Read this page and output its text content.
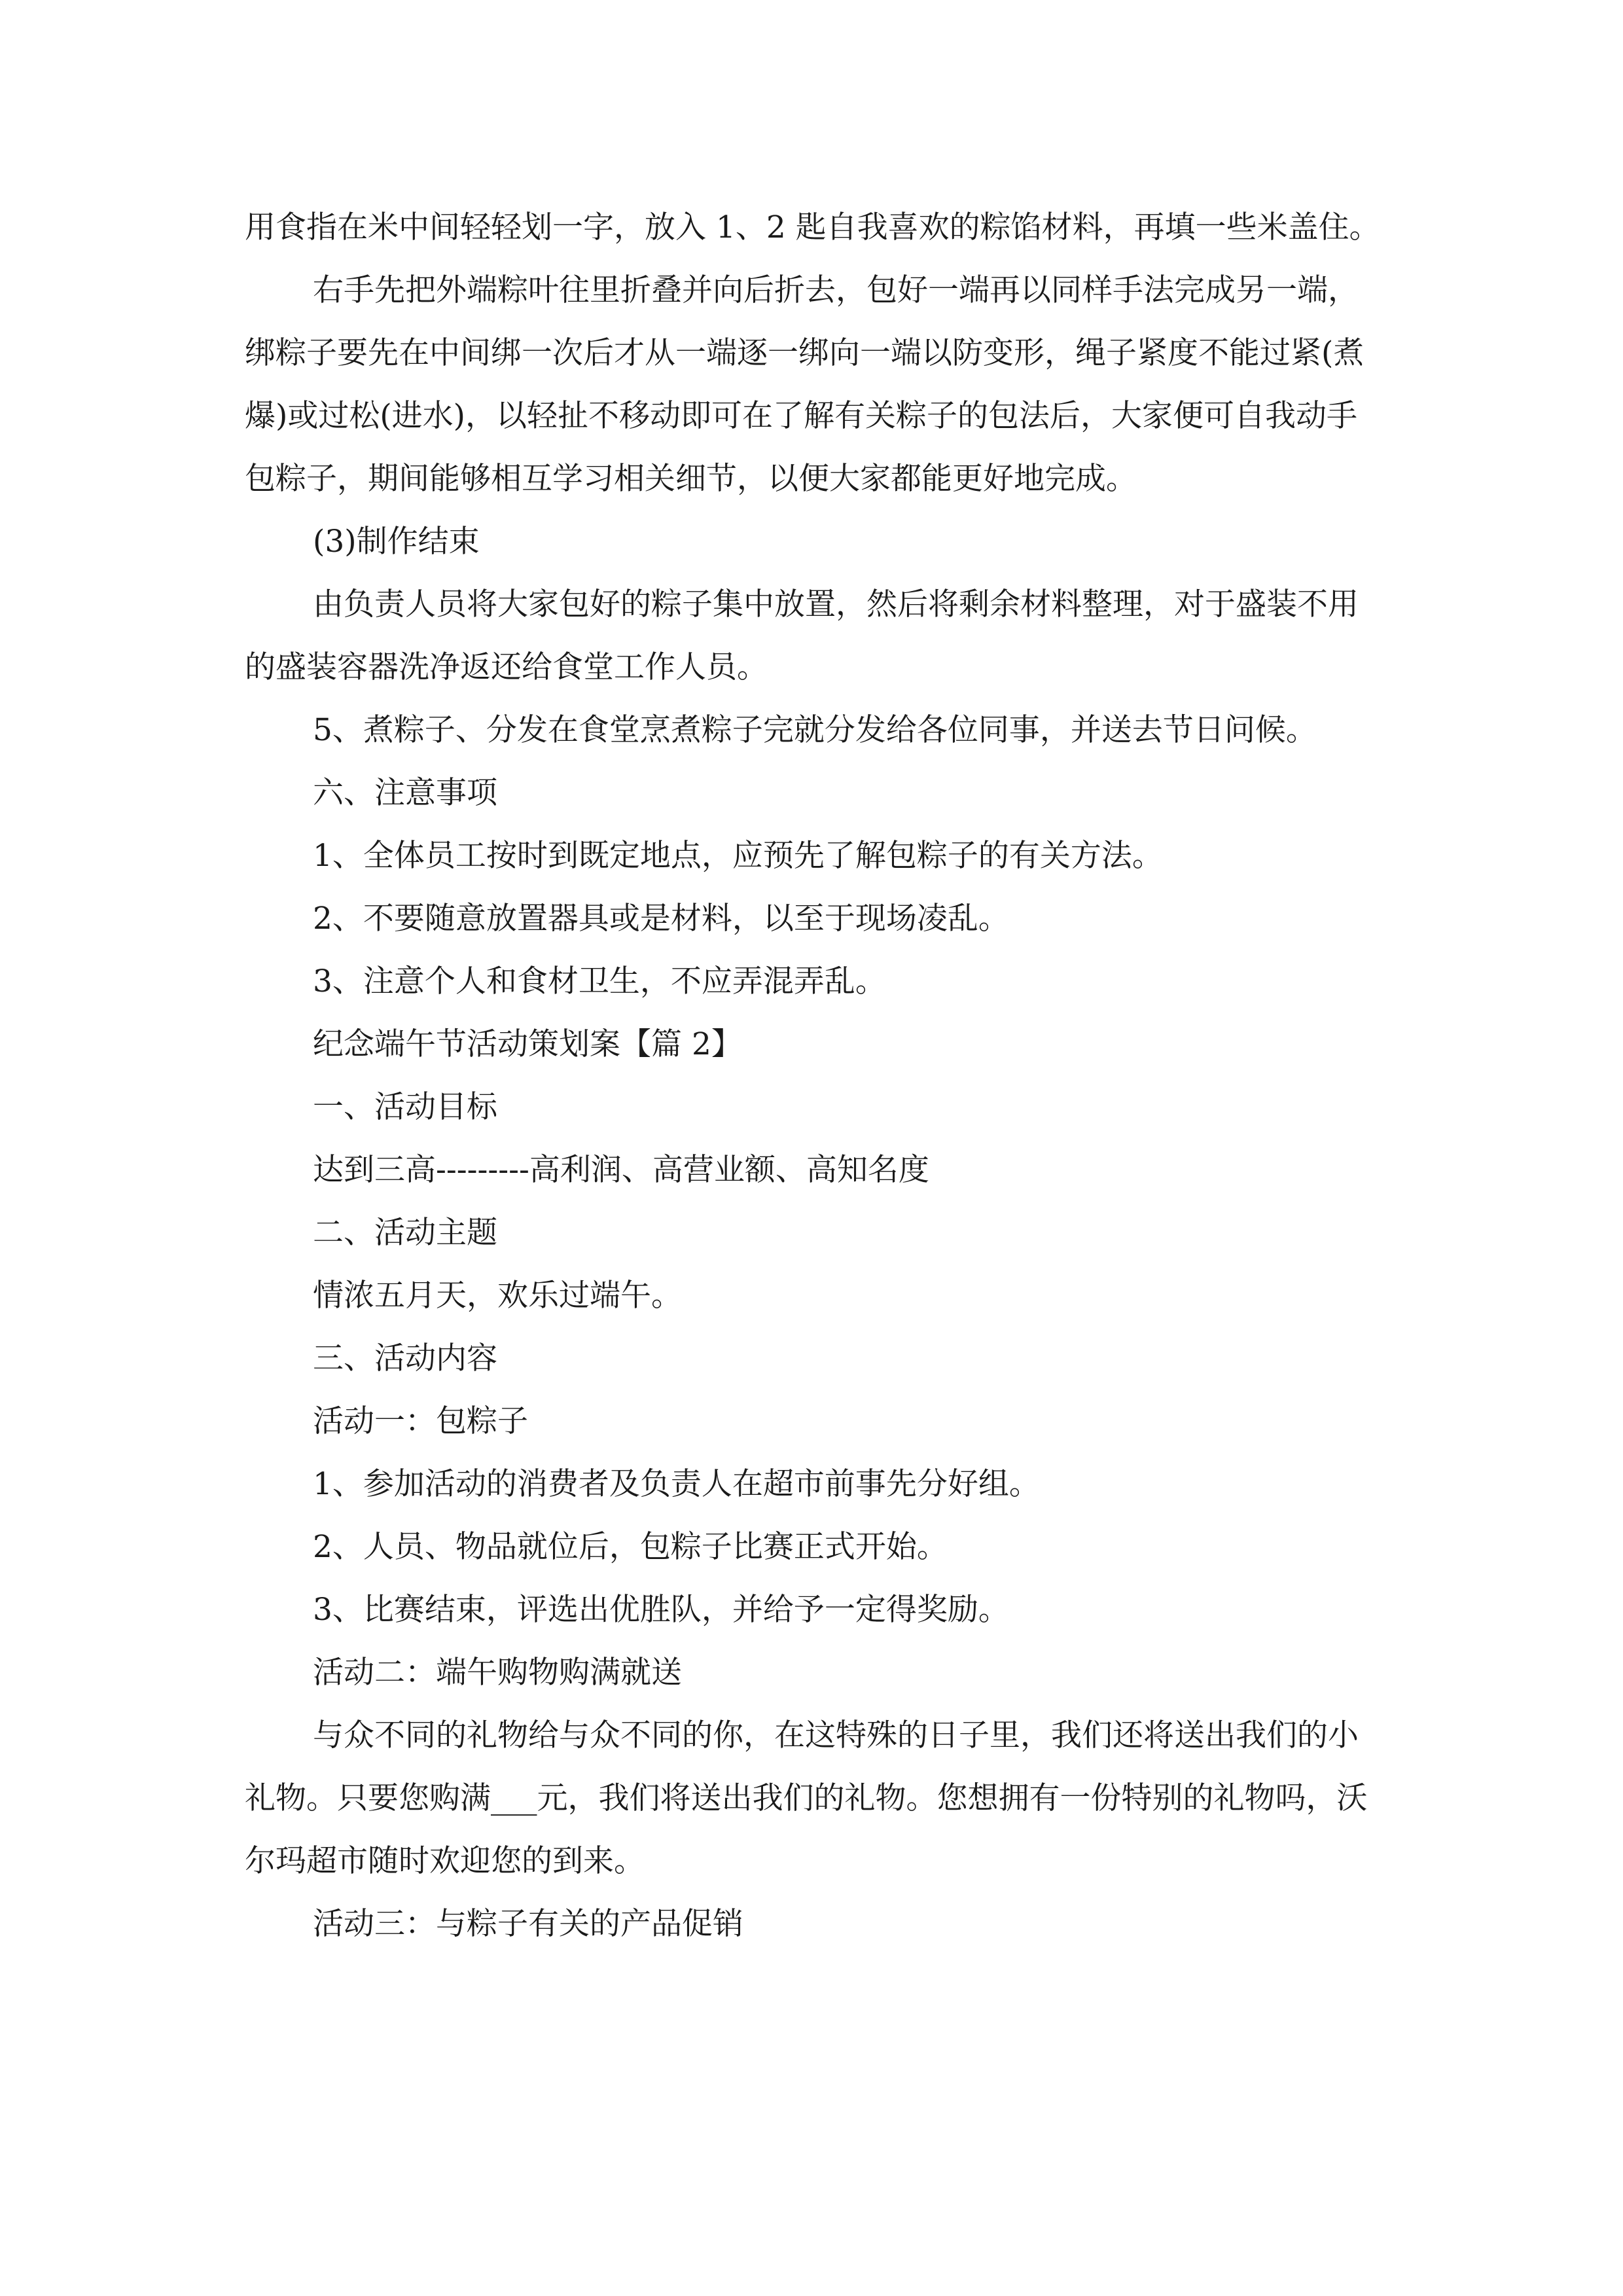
用食指在米中间轻轻划一字，放入 1、2 匙自我喜欢的粽馅材料，再填一些米盖住。

右手先把外端粽叶往里折叠并向后折去，包好一端再以同样手法完成另一端，绑粽子要先在中间绑一次后才从一端逐一绑向一端以防变形，绳子紧度不能过紧(煮爆)或过松(进水)，以轻扯不移动即可在了解有关粽子的包法后，大家便可自我动手包粽子，期间能够相互学习相关细节，以便大家都能更好地完成。

(3)制作结束

由负责人员将大家包好的粽子集中放置，然后将剩余材料整理，对于盛装不用的盛装容器洗净返还给食堂工作人员。

5、煮粽子、分发在食堂烹煮粽子完就分发给各位同事，并送去节日问候。

六、注意事项

1、全体员工按时到既定地点，应预先了解包粽子的有关方法。

2、不要随意放置器具或是材料，以至于现场凌乱。

3、注意个人和食材卫生，不应弄混弄乱。

纪念端午节活动策划案【篇 2】

一、活动目标

达到三高---------高利润、高营业额、高知名度

二、活动主题

情浓五月天，欢乐过端午。

三、活动内容

活动一：包粽子

1、参加活动的消费者及负责人在超市前事先分好组。

2、人员、物品就位后，包粽子比赛正式开始。

3、比赛结束，评选出优胜队，并给予一定得奖励。

活动二：端午购物购满就送

与众不同的礼物给与众不同的你，在这特殊的日子里，我们还将送出我们的小礼物。只要您购满___元，我们将送出我们的礼物。您想拥有一份特别的礼物吗，沃尔玛超市随时欢迎您的到来。

活动三：与粽子有关的产品促销
